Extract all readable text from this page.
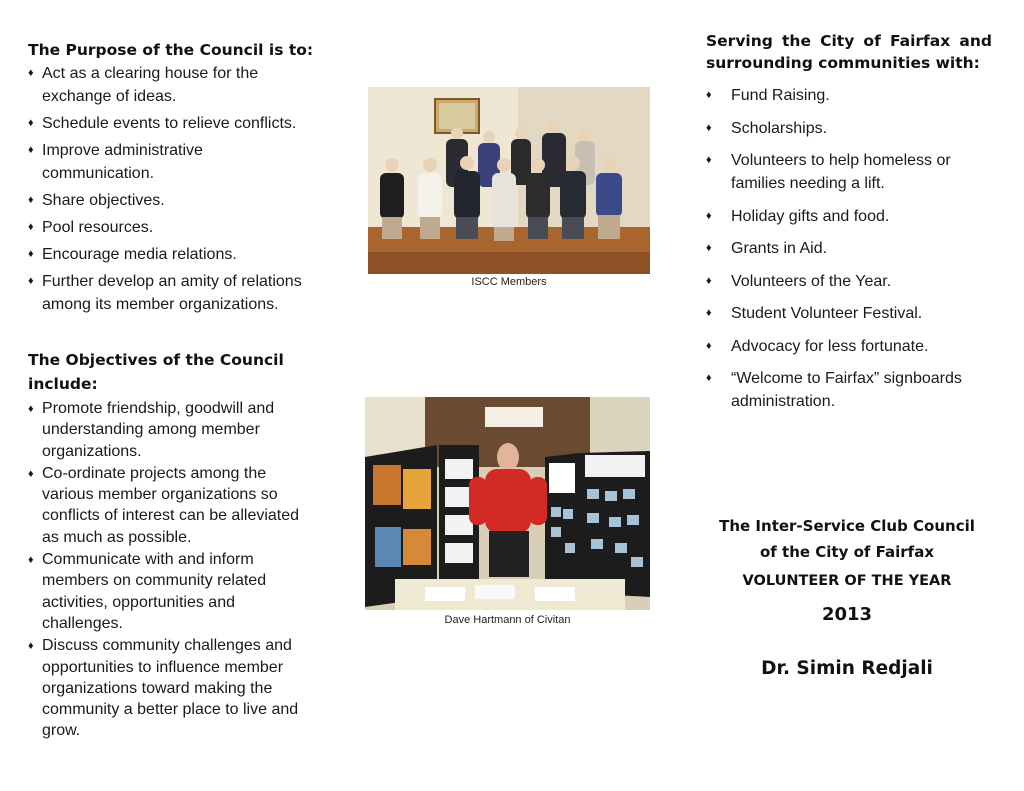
The Purpose of the Council is to:
♦ Act as a clearing house for the exchange of ideas.
♦ Schedule events to relieve conflicts.
♦ Improve administrative communication.
♦ Share objectives.
♦ Pool resources.
♦ Encourage media relations.
♦ Further develop an amity of relations among its member organizations.
The Objectives of the Council include:
♦ Promote friendship, goodwill and understanding among member organizations.
♦ Co-ordinate projects among the various member organizations so conflicts of interest can be alleviated as much as possible.
♦ Communicate with and inform members on community related activities, opportunities and challenges.
♦ Discuss community challenges and opportunities to influence member organizations toward making the community a better place to live and grow.
ISCC Members
Dave Hartmann of Civitan
Serving the City of Fairfax and surrounding communities with:
♦ Fund Raising.
♦ Scholarships.
♦ Volunteers to help homeless or families needing a lift.
♦ Holiday gifts and food.
♦ Grants in Aid.
♦ Volunteers of the Year.
♦ Student Volunteer Festival.
♦ Advocacy for less fortunate.
♦ “Welcome to Fairfax” signboards administration.
The Inter-Service Club Council
of the City of Fairfax
VOLUNTEER OF THE YEAR
2013
Dr. Simin Redjali
